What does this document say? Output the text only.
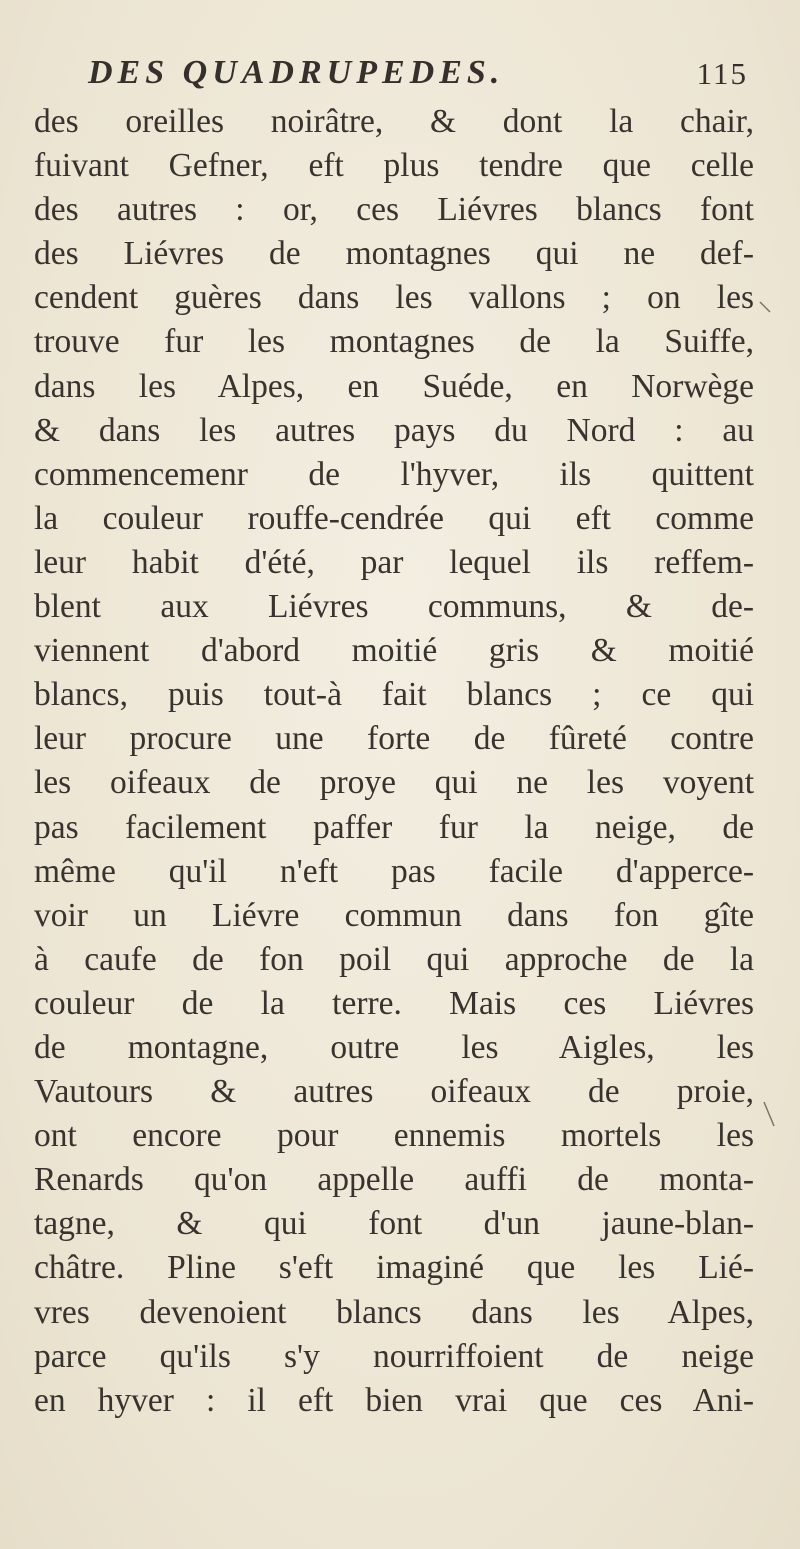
DES QUADRUPEDES.	115
des oreilles noirâtre, & dont la chair,
fuivant Gefner, eft plus tendre que celle
des autres : or, ces Liévres blancs font
des Liévres de montagnes qui ne def-
cendent guères dans les vallons ; on les
trouve fur les montagnes de la Suiffe,
dans les Alpes, en Suéde, en Norwège
& dans les autres pays du Nord : au
commencemenr de l'hyver, ils quittent
la couleur rouffe-cendrée qui eft comme
leur habit d'été, par lequel ils reffem-
blent aux Liévres communs, & de-
viennent d'abord moitié gris & moitié
blancs, puis tout-à fait blancs ; ce qui
leur procure une forte de fûreté contre
les oifeaux de proye qui ne les voyent
pas facilement paffer fur la neige, de
même qu'il n'eft pas facile d'apperce-
voir un Liévre commun dans fon gîte
à caufe de fon poil qui approche de la
couleur de la terre. Mais ces Liévres
de montagne, outre les Aigles, les
Vautours & autres oifeaux de proie,
ont encore pour ennemis mortels les
Renards qu'on appelle auffi de monta-
tagne, & qui font d'un jaune-blan-
châtre. Pline s'eft imaginé que les Lié-
vres devenoient blancs dans les Alpes,
parce qu'ils s'y nourriffoient de neige
en hyver : il eft bien vrai que ces Ani-
